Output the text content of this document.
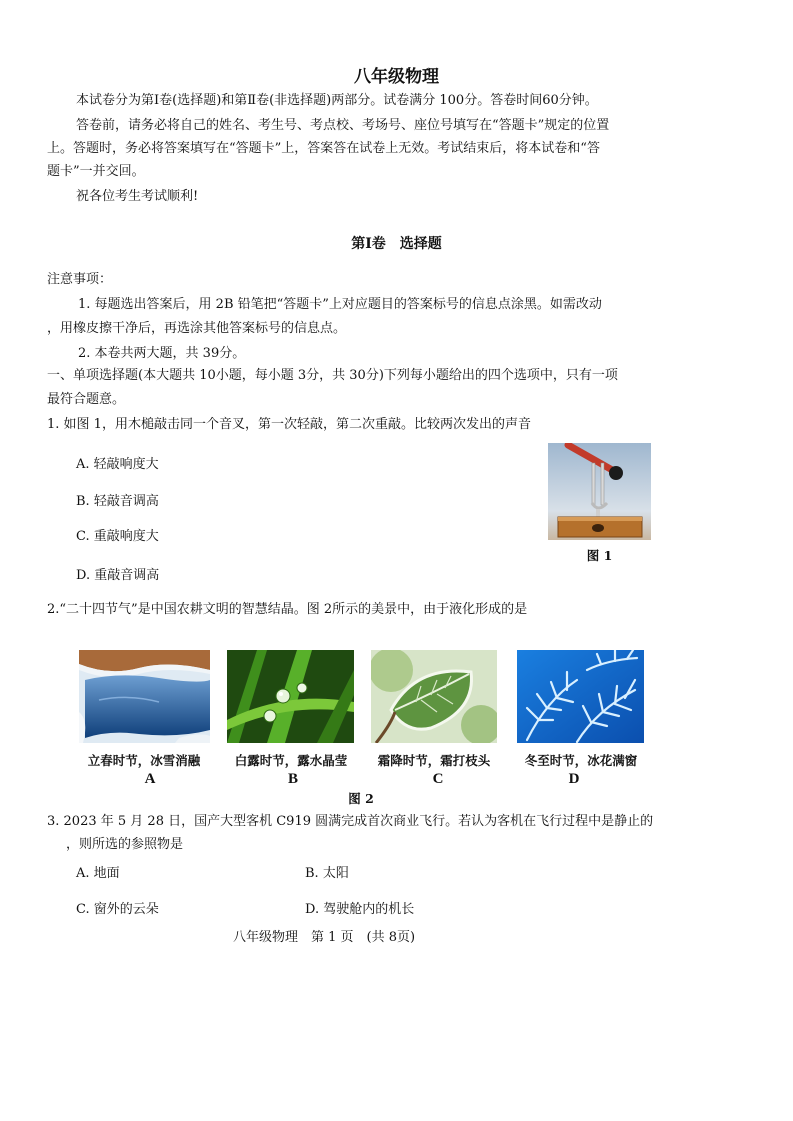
八年级物理
本试卷分为第Ⅰ卷(选择题)和第Ⅱ卷(非选择题)两部分。试卷满分 100分。答卷时间60分钟。
答卷前，请务必将自己的姓名、考生号、考点校、考场号、座位号填写在“答题卡”规定的位置
上。答题时，务必将答案填写在“答题卡”上，答案答在试卷上无效。考试结束后，将本试卷和“答
题卡”一并交回。
祝各位考生考试顺利!
第Ⅰ卷　选择题
注意事项：
1. 每题选出答案后，用 2B 铅笔把“答题卡”上对应题目的答案标号的信息点涂黑。如需改动
，用橡皮擦干净后，再选涂其他答案标号的信息点。
2. 本卷共两大题，共 39分。
一、单项选择题(本大题共 10小题，每小题 3分，共 30分)下列每小题给出的四个选项中，只有一项
最符合题意。
1. 如图 1，用木槌敲击同一个音叉，第一次轻敲，第二次重敲。比较两次发出的声音
A. 轻敲响度大
B. 轻敲音调高
C. 重敲响度大
D. 重敲音调高
图 1
2.“二十四节气”是中国农耕文明的智慧结晶。图 2所示的美景中，由于液化形成的是
立春时节，冰雪消融	白露时节，露水晶莹	霜降时节，霜打枝头	冬至时节，冰花满窗
A	B	C	D
图 2
3. 2023 年 5 月 28 日，国产大型客机 C919 圆满完成首次商业飞行。若认为客机在飞行过程中是静止的
，则所选的参照物是
A. 地面	B. 太阳
C. 窗外的云朵	D. 驾驶舱内的机长
八年级物理　第 1 页　(共 8页)
